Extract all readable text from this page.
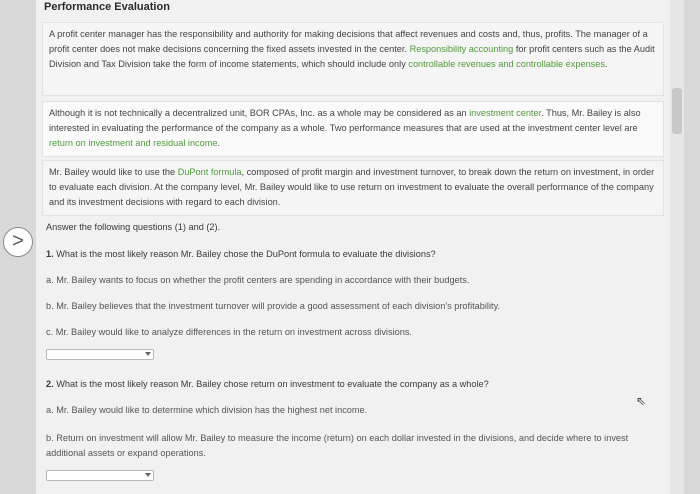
Performance Evaluation
A profit center manager has the responsibility and authority for making decisions that affect revenues and costs and, thus, profits. The manager of a profit center does not make decisions concerning the fixed assets invested in the center. Responsibility accounting for profit centers such as the Audit Division and Tax Division take the form of income statements, which should include only controllable revenues and controllable expenses.
Although it is not technically a decentralized unit, BOR CPAs, Inc. as a whole may be considered as an investment center. Thus, Mr. Bailey is also interested in evaluating the performance of the company as a whole. Two performance measures that are used at the investment center level are return on investment and residual income.
Mr. Bailey would like to use the DuPont formula, composed of profit margin and investment turnover, to break down the return on investment, in order to evaluate each division. At the company level, Mr. Bailey would like to use return on investment to evaluate the overall performance of the company and its investment decisions with regard to each division.
Answer the following questions (1) and (2).
1. What is the most likely reason Mr. Bailey chose the DuPont formula to evaluate the divisions?
a. Mr. Bailey wants to focus on whether the profit centers are spending in accordance with their budgets.
b. Mr. Bailey believes that the investment turnover will provide a good assessment of each division's profitability.
c. Mr. Bailey would like to analyze differences in the return on investment across divisions.
2. What is the most likely reason Mr. Bailey chose return on investment to evaluate the company as a whole?
a. Mr. Bailey would like to determine which division has the highest net income.
b. Return on investment will allow Mr. Bailey to measure the income (return) on each dollar invested in the divisions, and decide where to invest additional assets or expand operations.
>
⇖
